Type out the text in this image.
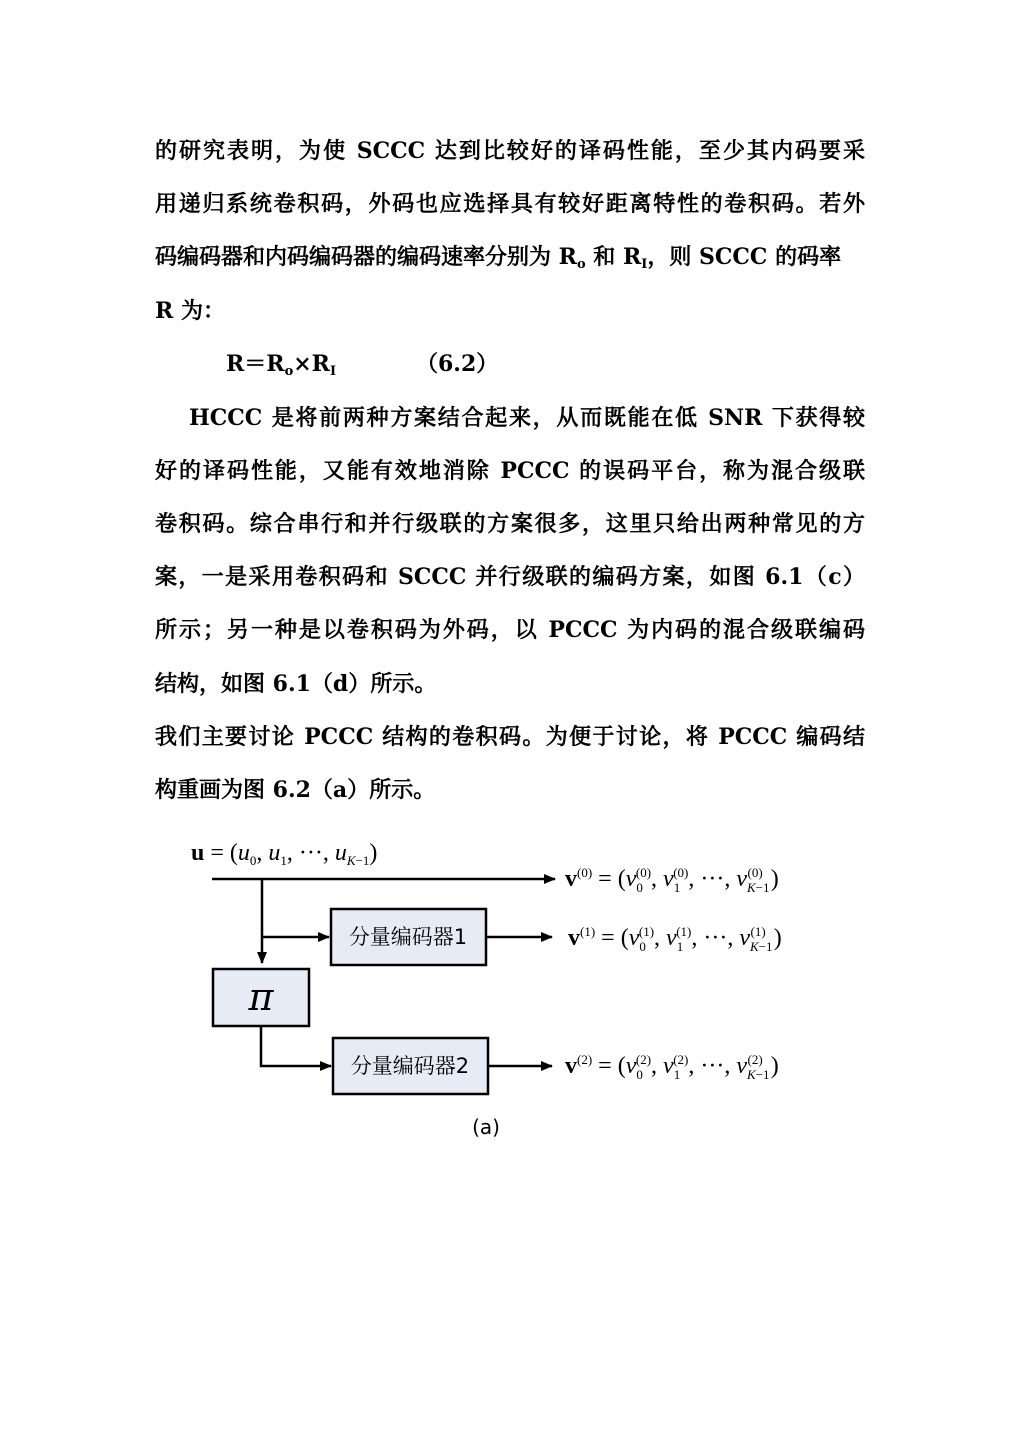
的研究表明，为使 SCCC 达到比较好的译码性能，至少其内码要采
用递归系统卷积码，外码也应选择具有较好距离特性的卷积码。若外
码编码器和内码编码器的编码速率分别为 $R_o$ 和 $R_I$，则 SCCC 的码率
R 为：
$R=R_o\times R_I$	（6.2）
HCCC 是将前两种方案结合起来，从而既能在低 SNR 下获得较
好的译码性能，又能有效地消除 PCCC 的误码平台，称为混合级联
卷积码。综合串行和并行级联的方案很多，这里只给出两种常见的方
案，一是采用卷积码和 SCCC 并行级联的编码方案，如图 6.1（c）
所示；另一种是以卷积码为外码，以 PCCC 为内码的混合级联编码
结构，如图 6.1（d）所示。
我们主要讨论 PCCC 结构的卷积码。为便于讨论，将 PCCC 编码结
构重画为图 6.2（a）所示。
$u = (u_0$, $u_1$, ···, $u_K-1$)
分量编码器1
π
分量编码器2
$v^{(0)} = (v_0(0)$, $v_1(0)$, ···, $v_K-1(0)$ )
$v^{(1)} = (v_0(1)$, $v_1(1)$, ···, $v_K-1(1)$ )
$v^{(2)} = (v_0(2)$, $v_1(2)$, ···, $v_K-1(2)$ )
(a)
